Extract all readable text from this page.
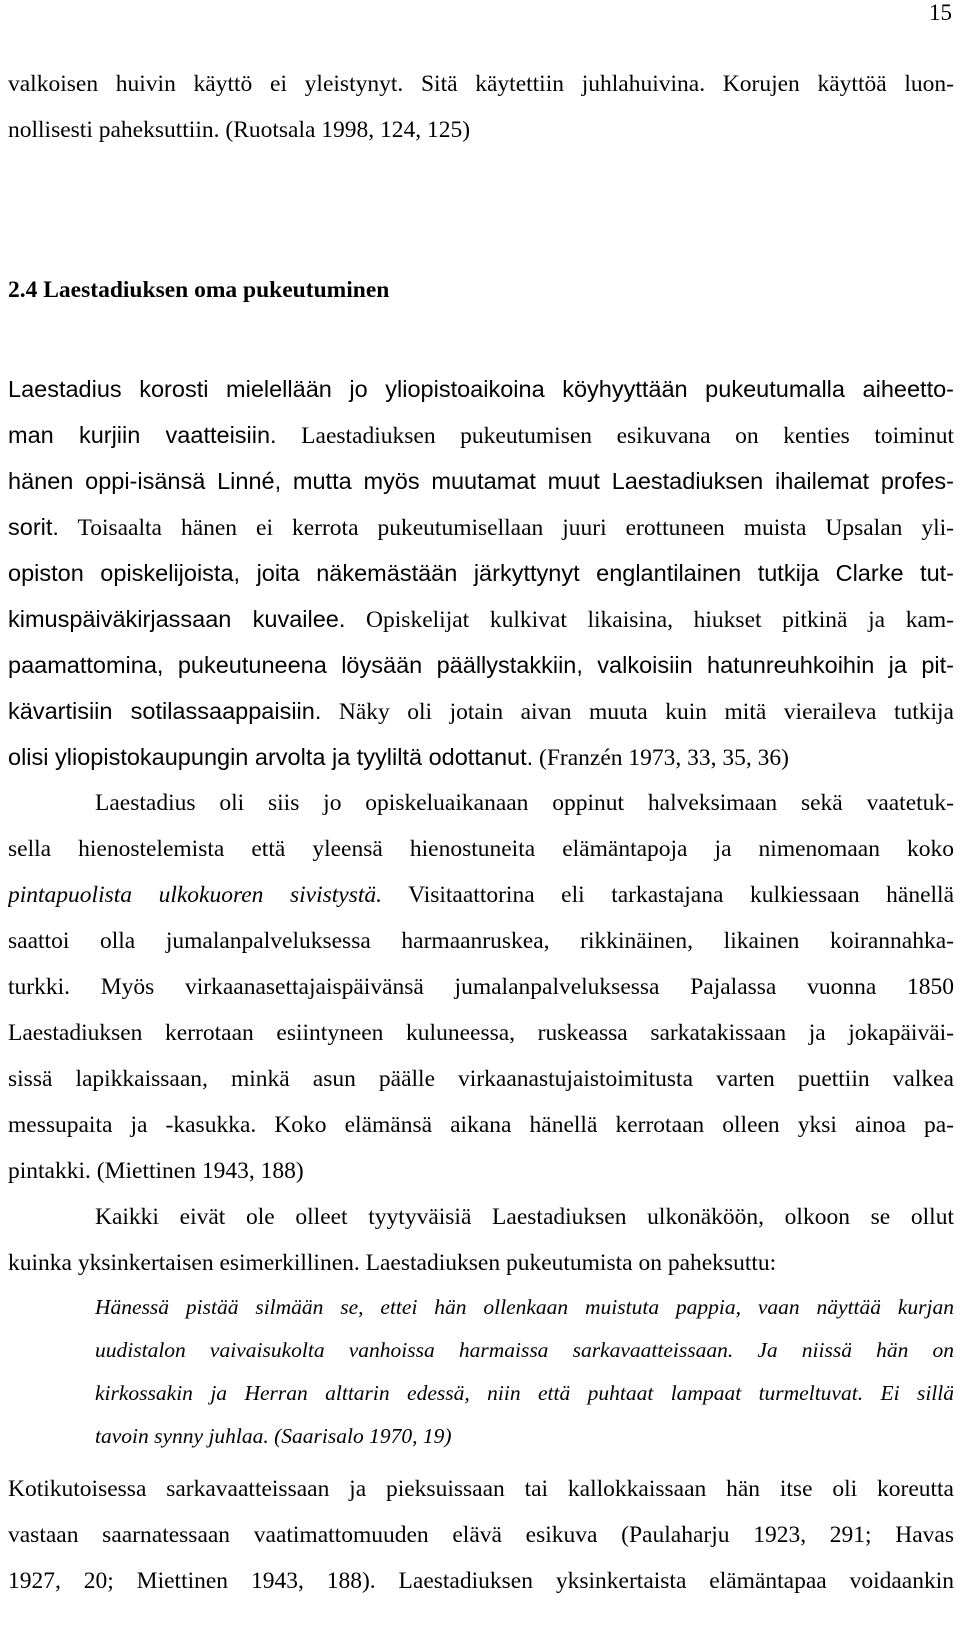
15
valkoisen huivin käyttö ei yleistynyt. Sitä käytettiin juhlahuivina. Korujen käyttöä luon-
nollisesti paheksuttiin. (Ruotsala 1998, 124, 125)
2.4 Laestadiuksen oma pukeutuminen
Laestadius korosti mielellään jo yliopistoaikoina köyhyyttään pukeutumalla aiheetto-
man kurjiin vaatteisiin. Laestadiuksen pukeutumisen esikuvana on kenties toiminut
hänen oppi-isänsä Linné, mutta myös muutamat muut Laestadiuksen ihailemat profes-
sorit. Toisaalta hänen ei kerrota pukeutumisellaan juuri erottuneen muista Upsalan yli-
opiston opiskelijoista, joita näkemästään järkyttynyt englantilainen tutkija Clarke tut-
kimuspäiväkirjassaan kuvailee. Opiskelijat kulkivat likaisina, hiukset pitkinä ja kam-
paamattomina, pukeutuneena löysään päällystakkiin, valkoisiin hatunreuhkoihin ja pit-
kävartisiin sotilassaappaisiin. Näky oli jotain aivan muuta kuin mitä vieraileva tutkija
olisi yliopistokaupungin arvolta ja tyyliltä odottanut. (Franzén 1973, 33, 35, 36)
Laestadius oli siis jo opiskeluaikanaan oppinut halveksimaan sekä vaatetuk-
sella hienostelemista että yleensä hienostuneita elämäntapoja ja nimenomaan koko
pintapuolista ulkokuoren sivistystä. Visitaattorina eli tarkastajana kulkiessaan hänellä
saattoi olla jumalanpalveluksessa harmaanruskea, rikkinäinen, likainen koirannahka-
turkki. Myös virkaanasettajaispäivänsä jumalanpalveluksessa Pajalassa vuonna 1850
Laestadiuksen kerrotaan esiintyneen kuluneessa, ruskeassa sarkatakissaan ja jokapäiväi-
sissä lapikkaissaan, minkä asun päälle virkaanastujaistoimitusta varten puettiin valkea
messupaita ja -kasukka. Koko elämänsä aikana hänellä kerrotaan olleen yksi ainoa pa-
pintakki. (Miettinen 1943, 188)
Kaikki eivät ole olleet tyytyväisiä Laestadiuksen ulkonäköön, olkoon se ollut
kuinka yksinkertaisen esimerkillinen. Laestadiuksen pukeutumista on paheksuttu:
Hänessä pistää silmään se, ettei hän ollenkaan muistuta pappia, vaan näyttää kurjan
uudistalon vaivaisukolta vanhoissa harmaissa sarkavaatteissaan. Ja niissä hän on
kirkossakin ja Herran alttarin edessä, niin että puhtaat lampaat turmeltuvat. Ei sillä
tavoin synny juhlaa. (Saarisalo 1970, 19)
Kotikutoisessa sarkavaatteissaan ja pieksuissaan tai kallokkaissaan hän itse oli koreutta
vastaan saarnatessaan vaatimattomuuden elävä esikuva (Paulaharju 1923, 291; Havas
1927, 20; Miettinen 1943, 188). Laestadiuksen yksinkertaista elämäntapaa voidaankin
